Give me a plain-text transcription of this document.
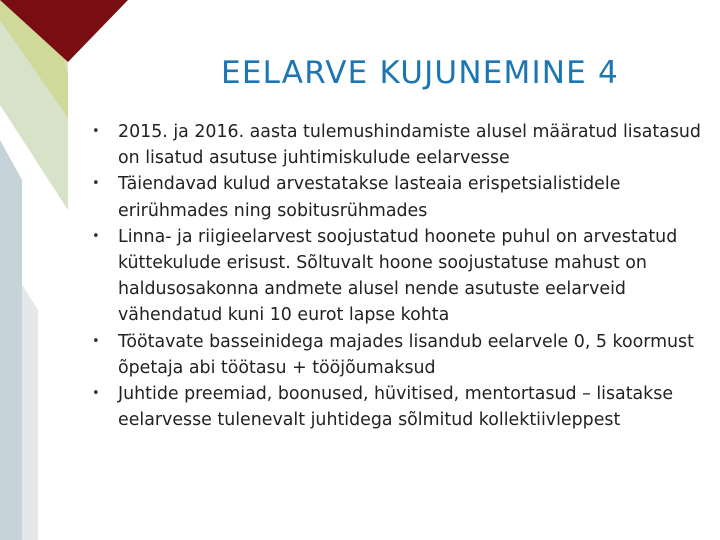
EELARVE KUJUNEMINE 4
•	2015. ja 2016. aasta tulemushindamiste alusel määratud lisatasud on lisatud asutuse juhtimiskulude eelarvesse
•	Täiendavad kulud arvestatakse lasteaia erispetsialistidele erirühmades ning sobitusrühmades
•	Linna- ja riigieelarvest soojustatud hoonete puhul on arvestatud küttekulude erisust. Sõltuvalt hoone soojustatuse mahust on haldusosakonna andmete alusel nende asutuste eelarveid vähendatud kuni 10 eurot lapse kohta
•	Töötavate basseinidega majades lisandub eelarvele 0, 5 koormust õpetaja abi töötasu + tööjõumaksud
•	Juhtide preemiad, boonused, hüvitised, mentortasud – lisatakse eelarvesse tulenevalt juhtidega sõlmitud kollektiivleppest
